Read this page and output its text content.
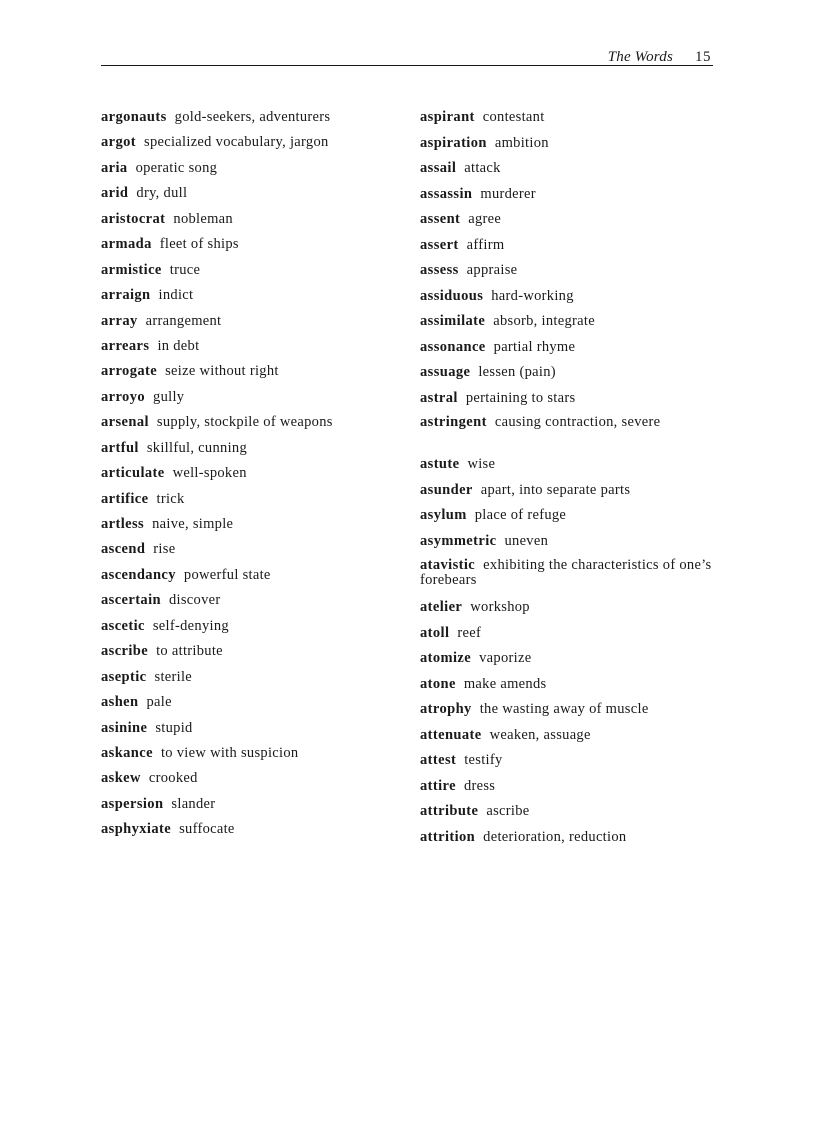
The Words 15
argonauts gold-seekers, adventurers
argot specialized vocabulary, jargon
aria operatic song
arid dry, dull
aristocrat nobleman
armada fleet of ships
armistice truce
arraign indict
array arrangement
arrears in debt
arrogate seize without right
arroyo gully
arsenal supply, stockpile of weapons
artful skillful, cunning
articulate well-spoken
artifice trick
artless naive, simple
ascend rise
ascendancy powerful state
ascertain discover
ascetic self-denying
ascribe to attribute
aseptic sterile
ashen pale
asinine stupid
askance to view with suspicion
askew crooked
aspersion slander
asphyxiate suffocate
aspirant contestant
aspiration ambition
assail attack
assassin murderer
assent agree
assert affirm
assess appraise
assiduous hard-working
assimilate absorb, integrate
assonance partial rhyme
assuage lessen (pain)
astral pertaining to stars
astringent causing contraction, severe
astute wise
asunder apart, into separate parts
asylum place of refuge
asymmetric uneven
atavistic exhibiting the characteristics of one’s forebears
atelier workshop
atoll reef
atomize vaporize
atone make amends
atrophy the wasting away of muscle
attenuate weaken, assuage
attest testify
attire dress
attribute ascribe
attrition deterioration, reduction
